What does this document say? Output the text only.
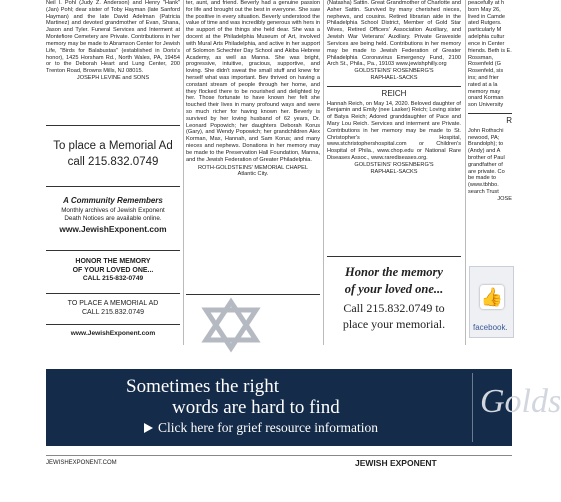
Neil I. Pohl (Judy Z. Anderson) and Henry "Hank" (Jan) Pohl; dear sister of Toby Hayman (late Sanford Hayman) and the late David Adelman (Patricia Martinez) and devoted grandmother of Evan, Shana, Jason and Tyler. Funeral Services and Interment at Montefiore Cemetery are Private. Contributions in her memory may be made to Abramson Center for Jewish Life, "Birds for Balabustas" (established in Doris's honor), 1425 Horsham Rd., North Wales, PA, 19454 or to the Deborah Heart and Lung Center, 200 Trenton Road, Browns Mills, NJ 08015.

JOSEPH LEVINE and SONS

To place a Memorial Ad
call 215.832.0749
A Community Remembers
Monthly archives of Jewish Exponent
Death Notices are available online.
www.JewishExponent.com
HONOR THE MEMORY
OF YOUR LOVED ONE...
CALL 215-832-0749
TO PLACE A MEMORIAL AD
CALL 215.832.0749
www.JewishExponent.com

ter, aunt, and friend. Beverly had a genuine passion for life and brought out the best in everyone. She saw the positive in every situation. Beverly understood the value of time and was incredibly generous with hers in the support of the things she held dear. She was a docent at the Philadelphia Museum of Art, involved with Mural Arts Philadelphia, and active in her support of Solomon Schechter Day School and Akiba Hebrew Academy, as well as Manna. She was bright, progressive, intuitive, gracious, supportive, and loving. She didn't sweat the small stuff and knew for herself what was important. Bev thrived on having a constant stream of people through her home, and they flocked there to be nourished and delighted by her. Those fortunate to have known her felt she touched their lives in many profound ways and were so much richer for having known her. Beverly is survived by her loving husband of 62 years, Dr. Leonard Popowich; her daughters Deborah Korus (Gary), and Wendy Popowich; her grandchildren Alex Korman, Max, Hannah, and Sam Korus; and many nieces and nephews. Donations in her memory may be made to the Preservation Hall Foundation, Manna, and the Jewish Federation of Greater Philadelphia.

ROTH-GOLDSTEINS' MEMORIAL CHAPEL

Atlantic City.

(Natasha) Sattin. Great Grandmother of Charlotte and Asher Sattin. Survived by many cherished nieces, nephews, and cousins. Retired librarian aide in the Philadelphia School District, Member of Gold Star Wives, Retired Officers' Association Auxiliary, and Jewish War Veterans' Auxiliary. Private Graveside Services are being held. Contributions in her memory may be made to Jewish Federation of Greater Philadelphia Coronavirus Emergency Fund, 2100 Arch St., Phila., Pa., 19103 www.jewishphilly.org

GOLDSTEINS' ROSENBERG'S

RAPHAEL-SACKS

REICH

Hannah Reich, on May 14, 2020. Beloved daughter of Benjamin and Emily (nee Lasker) Reich; Loving sister of Batya Reich; Adored granddaughter of Pace and Mary Lou Reich. Services and interment are Private. Contributions in her memory may be made to St. Christopher's Hospital, www.stchristophershospital.com or Children's Hospital of Phila., www.chop.edu or National Rare Diseases Assoc., www.rarediseases.org.

GOLDSTEINS' ROSENBERG'S

RAPHAEL-SACKS

Honor the memory
of your loved one...
Call 215.832.0749 to
place your memorial.

peacefully at h born May 26, lived in Camde ated Rutgers. particularly M adelphia cultur ence in Center friends. Beth is E. Rossman, Rosenfeld (G Rosenfeld, sis ins; and frier rated at a la memory may onard Korman son University

R

John Rothschi newood, PA; Brandolph); to (Andy) and A brother of Paul grandfather of are private. Co be made to (www.tbhbo. search Trust

JOSE

👍
facebook.
Sometimes the right
words are hard to find
Click here for grief resource information
Golds
JEWISHEXPONENT.COM	JEWISH EXPONENT
